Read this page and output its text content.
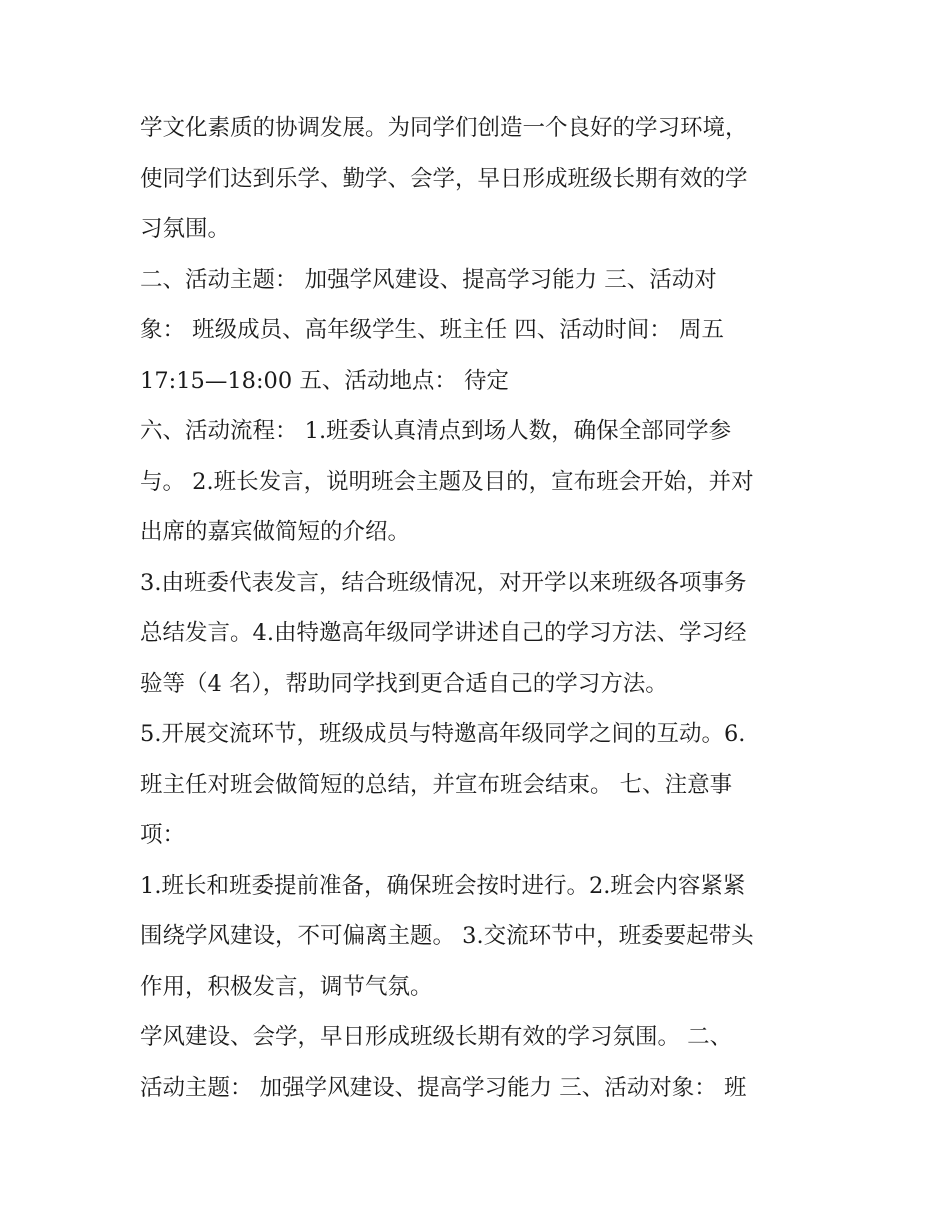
学文化素质的协调发展。为同学们创造一个良好的学习环境，
使同学们达到乐学、勤学、会学，早日形成班级长期有效的学
习氛围。
二、活动主题： 加强学风建设、提高学习能力 三、活动对
象： 班级成员、高年级学生、班主任 四、活动时间： 周五
17:15—18:00 五、活动地点： 待定
六、活动流程： 1.班委认真清点到场人数，确保全部同学参
与。 2.班长发言，说明班会主题及目的，宣布班会开始，并对
出席的嘉宾做简短的介绍。
3.由班委代表发言，结合班级情况，对开学以来班级各项事务
总结发言。4.由特邀高年级同学讲述自己的学习方法、学习经
验等（4 名），帮助同学找到更合适自己的学习方法。
5.开展交流环节，班级成员与特邀高年级同学之间的互动。6.
班主任对班会做简短的总结，并宣布班会结束。 七、注意事
项：
1.班长和班委提前准备，确保班会按时进行。2.班会内容紧紧
围绕学风建设，不可偏离主题。 3.交流环节中，班委要起带头
作用，积极发言，调节气氛。
学风建设、会学，早日形成班级长期有效的学习氛围。 二、
活动主题： 加强学风建设、提高学习能力 三、活动对象： 班
